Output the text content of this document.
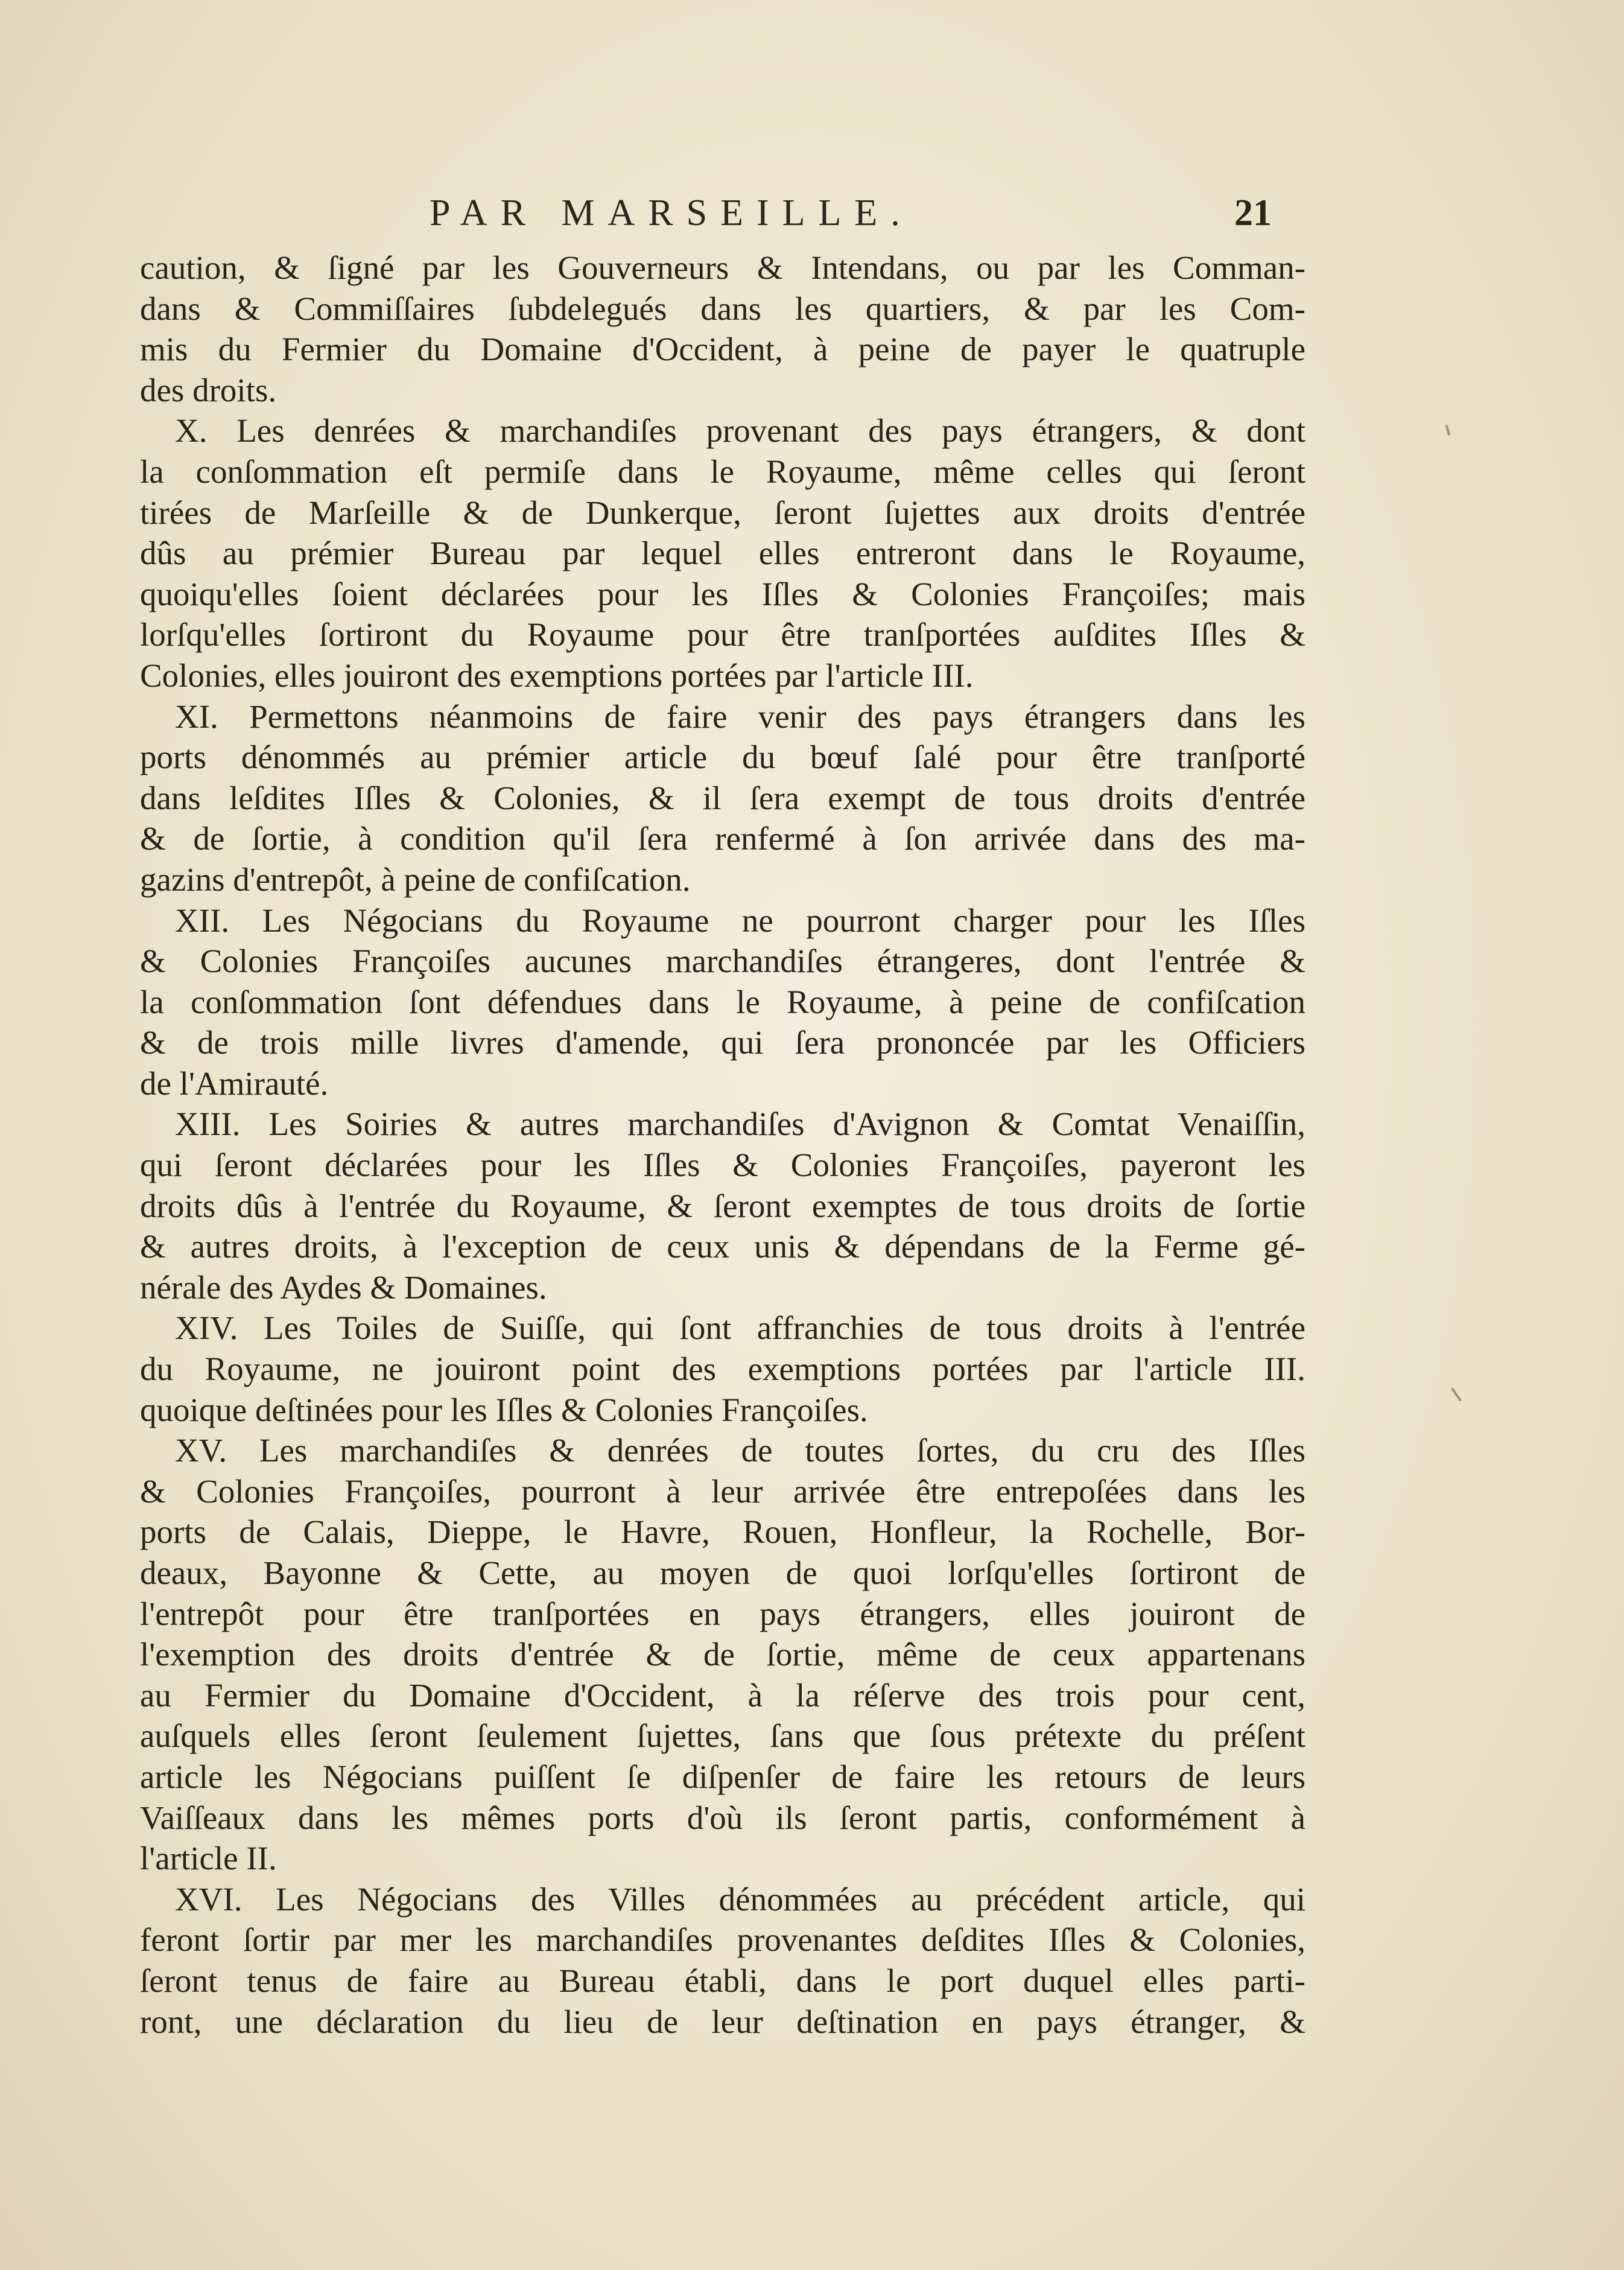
PAR MARSEILLE.	21
caution, & ſigné par les Gouverneurs & Intendans, ou par les Comman-
dans & Commiſſaires ſubdelegués dans les quartiers, & par les Com-
mis du Fermier du Domaine d'Occident, à peine de payer le quatruple
des droits.
X. Les denrées & marchandiſes provenant des pays étrangers, & dont
la conſommation eſt permiſe dans le Royaume, même celles qui ſeront
tirées de Marſeille & de Dunkerque, ſeront ſujettes aux droits d'entrée
dûs au prémier Bureau par lequel elles entreront dans le Royaume,
quoiqu'elles ſoient déclarées pour les Iſles & Colonies Françoiſes; mais
lorſqu'elles ſortiront du Royaume pour être tranſportées auſdites Iſles &
Colonies, elles jouiront des exemptions portées par l'article III.
XI. Permettons néanmoins de faire venir des pays étrangers dans les
ports dénommés au prémier article du bœuf ſalé pour être tranſporté
dans leſdites Iſles & Colonies, & il ſera exempt de tous droits d'entrée
& de ſortie, à condition qu'il ſera renfermé à ſon arrivée dans des ma-
gazins d'entrepôt, à peine de confiſcation.
XII. Les Négocians du Royaume ne pourront charger pour les Iſles
& Colonies Françoiſes aucunes marchandiſes étrangeres, dont l'entrée &
la conſommation ſont défendues dans le Royaume, à peine de confiſcation
& de trois mille livres d'amende, qui ſera prononcée par les Officiers
de l'Amirauté.
XIII. Les Soiries & autres marchandiſes d'Avignon & Comtat Venaiſſin,
qui ſeront déclarées pour les Iſles & Colonies Françoiſes, payeront les
droits dûs à l'entrée du Royaume, & ſeront exemptes de tous droits de ſortie
& autres droits, à l'exception de ceux unis & dépendans de la Ferme gé-
nérale des Aydes & Domaines.
XIV. Les Toiles de Suiſſe, qui ſont affranchies de tous droits à l'entrée
du Royaume, ne jouiront point des exemptions portées par l'article III.
quoique deſtinées pour les Iſles & Colonies Françoiſes.
XV. Les marchandiſes & denrées de toutes ſortes, du cru des Iſles
& Colonies Françoiſes, pourront à leur arrivée être entrepoſées dans les
ports de Calais, Dieppe, le Havre, Rouen, Honfleur, la Rochelle, Bor-
deaux, Bayonne & Cette, au moyen de quoi lorſqu'elles ſortiront de
l'entrepôt pour être tranſportées en pays étrangers, elles jouiront de
l'exemption des droits d'entrée & de ſortie, même de ceux appartenans
au Fermier du Domaine d'Occident, à la réſerve des trois pour cent,
auſquels elles ſeront ſeulement ſujettes, ſans que ſous prétexte du préſent
article les Négocians puiſſent ſe diſpenſer de faire les retours de leurs
Vaiſſeaux dans les mêmes ports d'où ils ſeront partis, conformément à
l'article II.
XVI. Les Négocians des Villes dénommées au précédent article, qui
feront ſortir par mer les marchandiſes provenantes deſdites Iſles & Colonies,
ſeront tenus de faire au Bureau établi, dans le port duquel elles parti-
ront, une déclaration du lieu de leur deſtination en pays étranger, &
